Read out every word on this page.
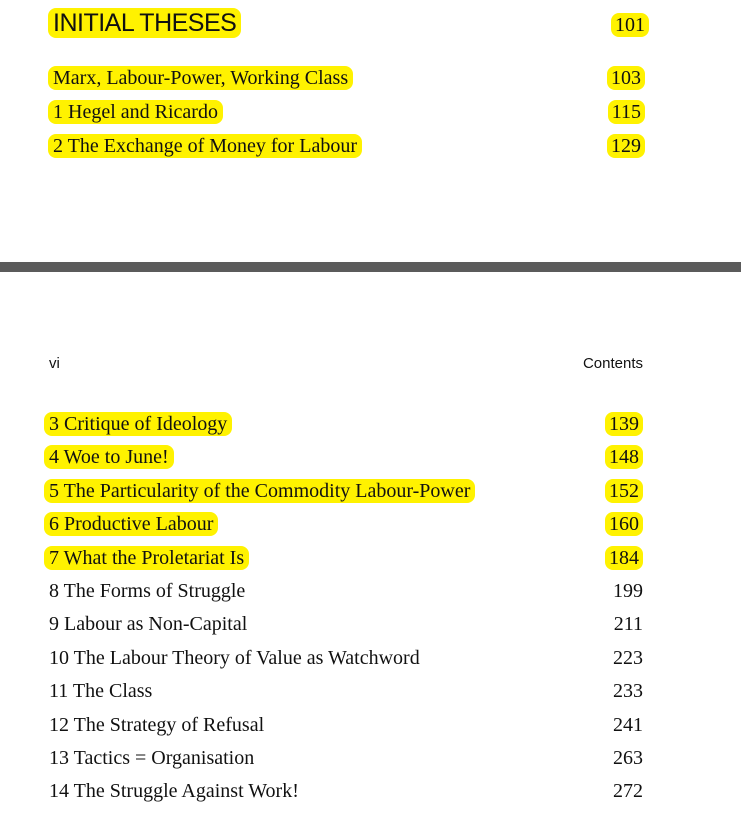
INITIAL THESES	101
Marx, Labour-Power, Working Class	103
1 Hegel and Ricardo	115
2 The Exchange of Money for Labour	129
vi	Contents
3 Critique of Ideology	139
4 Woe to June!	148
5 The Particularity of the Commodity Labour-Power	152
6 Productive Labour	160
7 What the Proletariat Is	184
8 The Forms of Struggle	199
9 Labour as Non-Capital	211
10 The Labour Theory of Value as Watchword	223
11 The Class	233
12 The Strategy of Refusal	241
13 Tactics = Organisation	263
14 The Struggle Against Work!	272
